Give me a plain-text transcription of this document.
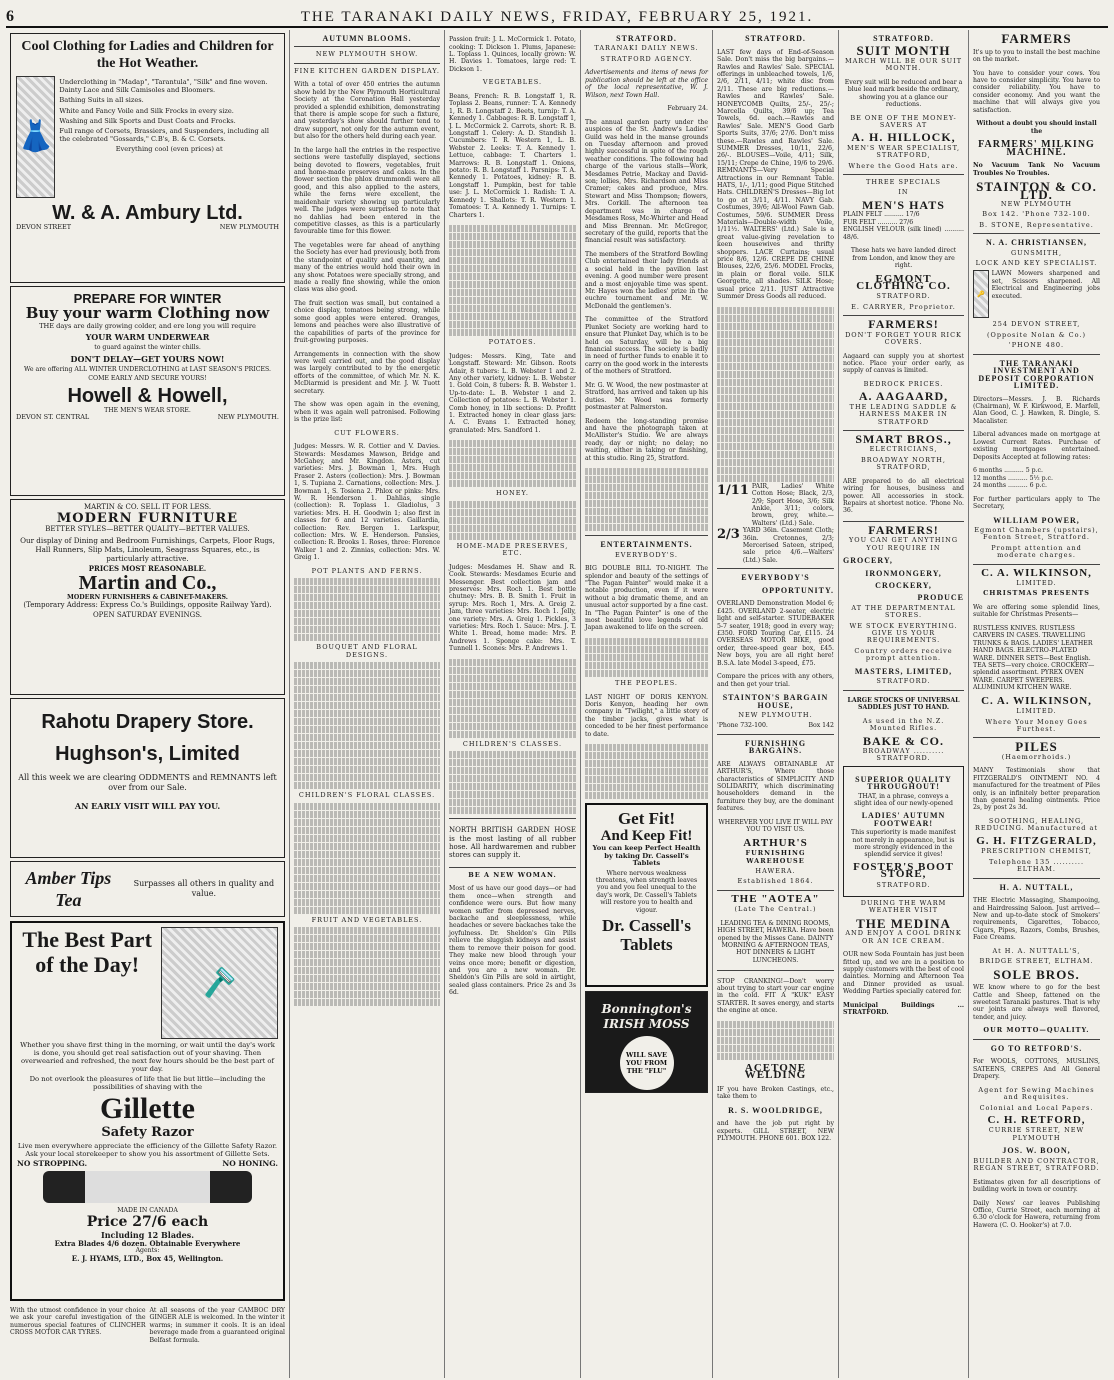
6	THE TARANAKI DAILY NEWS, FRIDAY, FEBRUARY 25, 1921.
Cool Clothing for Ladies and Children for the Hot Weather.
👗

Underclothing in "Madap", "Tarantula", "Silk" and fine woven. Dainty Lace and Silk Camisoles and Bloomers.

Bathing Suits in all sizes.

White and Fancy Voile and Silk Frocks in every size.

Washing and Silk Sports and Dust Coats and Frocks.

Full range of Corsets, Brassiers, and Suspenders, including all the celebrated "Gossards," C.B's, B. & C. Corsets.

Everything cool (even prices) at

W. & A. Ambury Ltd.
DEVON STREET	NEW PLYMOUTH
PREPARE FOR WINTER
Buy your warm Clothing now

THE days are daily growing colder, and ere long you will require

YOUR WARM UNDERWEAR

to guard against the winter chills.

DON'T DELAY—GET YOURS NOW!

We are offering ALL WINTER UNDERCLOTHING at LAST SEASON'S PRICES.

COME EARLY AND SECURE YOURS!

Howell & Howell,
THE MEN'S WEAR STORE.
DEVON ST. CENTRAL	NEW PLYMOUTH.
MARTIN & CO. SELL IT FOR LESS.
MODERN FURNITURE
BETTER STYLES—BETTER QUALITY—BETTER VALUES.

Our display of Dining and Bedroom Furnishings, Carpets, Floor Rugs, Hall Runners, Slip Mats, Linoleum, Seagrass Squares, etc., is particularly attractive.

PRICES MOST REASONABLE.
Martin and Co.,
MODERN FURNISHERS & CABINET-MAKERS.
(Temporary Address: Express Co.'s Buildings, opposite Railway Yard).
OPEN SATURDAY EVENINGS.
Rahotu Drapery Store.
Hughson's, Limited

All this week we are clearing ODDMENTS and REMNANTS left over from our Sale.

AN EARLY VISIT WILL PAY YOU.

Amber Tips Tea
Surpasses all others in quality and value.
The Best Part of the Day!
🪒

Whether you shave first thing in the morning, or wait until the day's work is done, you should get real satisfaction out of your shaving. Then overwearied and refreshed, the next few hours should be the best part of your day.

Do not overlook the pleasures of life that lie but little—including the possibilities of shaving with the

Gillette
Safety Razor

Live men everywhere appreciate the efficiency of the Gillette Safety Razor. Ask your local storekeeper to show you his assortment of Gillette Sets.

NO STROPPING.	NO HONING.
MADE IN CANADA
Price 27/6 each
Including 12 Blades.
Extra Blades 4/6 dozen. Obtainable Everywhere
Agents:
E. J. HYAMS, LTD., Box 45, Wellington.

With the utmost confidence in your choice we ask your careful investigation of the numerous special features of CLINCHER CROSS MOTOR CAR TYRES.

At all seasons of the year CAMBOC DRY GINGER ALE is welcomed. In the winter it warms; in summer it cools. It is an ideal beverage made from a guaranteed original Belfast formula.

AUTUMN BLOOMS.
NEW PLYMOUTH SHOW.
FINE KITCHEN GARDEN DISPLAY.

With a total of over 450 entries the autumn show held by the New Plymouth Horticultural Society at the Coronation Hall yesterday provided a splendid exhibition, demonstrating that there is ample scope for such a fixture, and yesterday's show should further tend to draw support, not only for the autumn event, but also for the others held during each year.

In the large hall the entries in the respective sections were tastefully displayed, sections being devoted to flowers, vegetables, fruit and home-made preserves and cakes. In the flower section the phlox drummondi were all good, and this also applied to the asters, while the ferns were excellent, the maidenhair variety showing up particularly well. The judges were surprised to note that no dahlias had been entered in the competitive classes, as this is a particularly favourable time for this flower.

The vegetables were far ahead of anything the Society has ever had previously, both from the standpoint of quality and quantity, and many of the entries would hold their own in any show. Potatoes were specially strong, and made a really fine showing, while the onion class was also good.

The fruit section was small, but contained a choice display, tomatoes being strong, while some good apples were entered. Oranges, lemons and peaches were also illustrative of the capabilities of parts of the province for fruit-growing purposes.

Arrangements in connection with the show were well carried out, and the good display was largely contributed to by the energetic efforts of the committee, of which Mr. N. K. McDiarmid is president and Mr. J. W. Tuott secretary.

The show was open again in the evening, when it was again well patronised. Following is the prize list:

CUT FLOWERS.

Judges: Messrs. W. R. Cottier and V. Davies. Stewards: Mesdames Mawson, Bridge and McGahey, and Mr. Kingdon. Asters, cut varieties: Mrs. J. Bowman 1, Mrs. Hugh Fraser 2. Asters (collection): Mrs. J. Bowman 1, S. Tupiana 2. Carnations, collection: Mrs. J. Bowman 1, S. Tosiena 2. Phlox or pinks: Mrs. W. R. Henderson 1. Dahlias, single (collection): R. Toplass 1. Gladiolus, 3 varieties: Mrs. H. H. Goodwin 1; also first in classes for 6 and 12 varieties. Gaillardia, collection: Rev. Bergen 1. Larkspur, collection: Mrs. W. E. Henderson. Pansies, collection: R. Brooks 1. Roses, three: Florence Walker 1 and 2. Zinnias, collection: Mrs. W. Greig 1.

POT PLANTS AND FERNS.
BOUQUET AND FLORAL DESIGNS.
CHILDREN'S FLORAL CLASSES.
FRUIT AND VEGETABLES.

Passion fruit: J. L. McCormick 1. Potato, cooking: T. Dickson 1. Plums, Japanese: L. Toplass 1. Quinces, locally grown: W. H. Davies 1. Tomatoes, large red: T. Dickson 1.

VEGETABLES.

Beans, French: R. B. Longstaff 1, R. Toplass 2. Beans, runner: T. A. Kennedy 1, R. B. Longstaff 2. Beets, turnip: T. A. Kennedy 1. Cabbages: R. B. Longstaff 1, J. L. McCormick 2. Carrots, short: R. B. Longstaff 1. Celery: A. D. Standish 1. Cucumbers: T. R. Western 1, L. B. Webster 2. Leeks: T. A. Kennedy 1. Lettuce, cabbage: T. Charters 1. Marrows: R. B. Longstaff 1. Onions, potato: R. B. Longstaff 1. Parsnips: T. A. Kennedy 1. Potatoes, kidney: R. B. Longstaff 1. Pumpkin, best for table use: J. L. McCormick 1. Radish: T. A. Kennedy 1. Shallots: T. R. Western 1. Tomatoes: T. A. Kennedy 1. Turnips: T. Charters 1.

POTATOES.

Judges: Messrs. King, Tate and Longstaff. Steward: Mr. Gibson. Roots Adair, 8 tubers: L. B. Webster 1 and 2. Any other variety, kidney: L. B. Webster 1. Gold Coin, 8 tubers: R. B. Webster 1. Up-to-date: L. B. Webster 1 and 2. Collection of potatoes: L. B. Webster 1. Comb honey, in 1lb sections: D. Profitt 1. Extracted honey in clear glass jars: A. C. Evans 1. Extracted honey, granulated: Mrs. Sandford 1.

HONEY.
HOME-MADE PRESERVES, ETC.

Judges: Mesdames H. Shaw and R. Cook. Stewards: Mesdames Ecurie and Messenger. Best collection jam and preserves: Mrs. Roch 1. Best bottle chutney: Mrs. B. B. Smith 1. Fruit in syrup: Mrs. Roch 1, Mrs. A. Greig 2. Jam, three varieties: Mrs. Roch 1. Jelly, one variety: Mrs. A. Greig 1. Pickles, 3 varieties: Mrs. Roch 1. Sauce: Mrs. J. T. White 1. Bread, home made: Mrs. P. Andrews 1. Sponge cake: Mrs. T. Tunnell 1. Scones: Mrs. P. Andrews 1.

CHILDREN'S CLASSES.

NORTH BRITISH GARDEN HOSE is the most lasting of all rubber hose. All hardwaremen and rubber stores can supply it.

BE A NEW WOMAN.

Most of us have our good days—or had them once—when strength and confidence were ours. But how many women suffer from depressed nerves, backache and sleeplessness, while headaches or severe backaches take the joyfulness. Dr. Sheldon's Gin Pills relieve the sluggish kidneys and assist them to remove their poison for good. They make new blood through your veins once more; benefit or digestion, and you are a new woman. Dr. Sheldon's Gin Pills are sold in airtight, sealed glass containers. Price 2s and 3s 6d.

STRATFORD.
TARANAKI DAILY NEWS.
STRATFORD AGENCY.

Advertisements and items of news for publication should be left at the office of the local representative, W. J. Wilson, next Town Hall.

February 24.

The annual garden party under the auspices of the St. Andrew's Ladies' Guild was held in the manse grounds on Tuesday afternoon and proved highly successful in spite of the rough weather conditions. The following had charge of the various stalls—Work, Mesdames Petrie, Mackay and David-son; lollies, Mrs. Richardson and Miss Cramer; cakes and produce, Mrs. Stewart and Miss Thompson; flowers, Mrs. Corkill. The afternoon tea department was in charge of Mesdames Ross, Mc-Whirter and Head and Miss Brennan. Mr. McGregor, secretary of the guild, reports that the financial result was satisfactory.

The members of the Stratford Bowling Club entertained their lady friends at a social held in the pavilion last evening. A good number were present and a most enjoyable time was spent. Mr. Hayes won the ladies' prize in the euchre tournament and Mr. W. McDonald the gentlemen's.

The committee of the Stratford Plunket Society are working hard to ensure that Plunket Day, which is to be held on Saturday, will be a big financial success. The society is badly in need of further funds to enable it to carry on the good work in the interests of the mothers of Stratford.

Mr. G. W. Wood, the new postmaster at Stratford, has arrived and taken up his duties. Mr. Wood was formerly postmaster at Palmerston.

Redeem the long-standing promise and have the photograph taken at McAllister's Studio. We are always ready, day or night; no delay; no waiting, either in taking or finishing, at this studio. Ring 25, Stratford.

ENTERTAINMENTS.
EVERYBODY'S.

BIG DOUBLE BILL TO-NIGHT. The splendor and beauty of the settings of "The Pagan Painter" would make it a notable production, even if it were without a big dramatic theme, and an unusual actor supported by a fine cast. In "The Pagan Painter" is one of the most beautiful love legends of old Japan awakened to life on the screen.

THE PEOPLES.

LAST NIGHT OF DORIS KENYON. Doris Kenyon, heading her own company in "Twilight," a little story of the timber jacks, gives what is conceded to be her finest performance to date.

Get Fit!
And Keep Fit!
You can keep Perfect Health by taking Dr. Cassell's Tablets

Where nervous weakness threatens, when strength leaves you and you feel unequal to the day's work, Dr. Cassell's Tablets will restore you to health and vigour.

Dr. Cassell's
Tablets
Bonnington's IRISH MOSS
WILL SAVE YOU FROM THE "FLU"
STRATFORD.

LAST few days of End-of-Season Sale. Don't miss the big bargains.—Rawles and Rawles' Sale. SPECIAL offerings in unbleached towels, 1/6, 2/6, 2/11, 4/11; white disc from 2/11. These are big reductions.—Rawles and Rawles' Sale. HONEYCOMB Quilts, 25/-, 25/-; Marcella Quilts, 39/6 up; Tea Towels, 6d. each.—Rawles and Rawles' Sale. MEN'S Good Garb Sports Suits, 37/6; 27/6. Don't miss these.—Rawles and Rawles' Sale. SUMMER Dresses, 10/11, 22/6, 26/-. BLOUSES—Voile, 4/11; Silk, 15/11; Crepe de Chine, 19/6 to 29/6. REMNANTS—Very Special Attractions in our Remnant Table. HATS, 1/-, 1/11; good Pique Stitched Hats. CHILDREN'S Dresses—Big lot to go at 3/11, 4/11. NAVY Gab. Costumes, 39/6; All-Wool Fawn Gab. Costumes, 59/6. SUMMER Dress Materials—Double-width Voile, 1/11½. WALTERS' (Ltd.) Sale is a great value-giving revelation to keen housewives and thrifty shoppers. LACE Curtains; usual price 8/6, 12/6. CREPE DE CHINE Blouses, 22/6, 25/6. MODEL Frocks, in plain or floral voile. SILK Georgette, all shades. SILK Hose; usual price 2/11. JUST Attractive Summer Dress Goods all reduced.

1/11 PAIR, Ladies' White Cotton Hose; Black, 2/3, 2/9; Sport Hose, 3/6; Silk Ankle, 3/11; colors, brown, grey, white.—Walters' (Ltd.) Sale.
2/3 YARD 36in. Casement Cloth; 36in. Cretonnes, 2/3; Mercerised Sateen, striped, sale price 4/6.—Walters' (Ltd.) Sale.
EVERYBODY'S
OPPORTUNITY.

OVERLAND Demonstration Model 6; £425. OVERLAND 2-seater, electric light and self-starter. STUDEBAKER 5-7 seater, 1918; good in every way; £350. FORD Touring Car, £115. 24 OVERSEAS MOTOR BIKE, good order, three-speed gear box, £45. New boys, you are all right here! B.S.A. late Model 3-speed, £75.

Compare the prices with any others, and then get your trial.

STAINTON'S BARGAIN HOUSE,
NEW PLYMOUTH.
'Phone 732-100.	Box 142
FURNISHING BARGAINS.

ARE ALWAYS OBTAINABLE AT ARTHUR'S, Where those characteristics of SIMPLICITY AND SOLIDARITY, which discriminating householders demand in the furniture they buy, are the dominant features.

WHEREVER YOU LIVE IT WILL PAY YOU TO VISIT US.

ARTHUR'S
FURNISHING WAREHOUSE
HAWERA.
Established 1864.
THE "AOTEA"
(Late The Central.)

LEADING TEA & DINING ROOMS, HIGH STREET, HAWERA. Have been opened by the Misses Cane. DAINTY MORNING & AFTERNOON TEAS, HOT DINNERS & LIGHT LUNCHEONS.

STOP CRANKING!—Don't worry about trying to start your car engine in the cold. FIT A "KUK" EASY STARTER. It saves energy, and starts the engine at once.

ACETONE WELDING

IF you have Broken Castings, etc., take them to

R. S. WOOLDRIDGE,

and have the job put right by experts. GILL STREET, NEW PLYMOUTH. PHONE 601. BOX 122.

STRATFORD.
SUIT MONTH
MARCH WILL BE OUR SUIT MONTH.

Every suit will be reduced and bear a blue lead mark beside the ordinary, showing you at a glance our reductions.

BE ONE OF THE MONEY-SAVERS AT
A. H. HILLOCK,
MEN'S WEAR SPECIALIST, STRATFORD,
Where the Good Hats are.
THREE SPECIALS
IN
MEN'S HATS
PLAIN FELT .......... 17/6
FUR FELT .......... 27/6
ENGLISH VELOUR (silk lined) .......... 48/6.

These hats we have landed direct from London, and know they are right.

EGMONT CLOTHING CO.
STRATFORD.
E. CARRYER, Proprietor.
FARMERS!
DON'T FORGET YOUR RICK COVERS.

Aagaard can supply you at shortest notice. Place your order early, as supply of canvas is limited.

BEDROCK PRICES.
A. AAGAARD,
THE LEADING SADDLE & HARNESS MAKER IN STRATFORD
SMART BROS.,
ELECTRICIANS,
BROADWAY NORTH, STRATFORD,

ARE prepared to do all electrical wiring for houses, business and power. All accessories in stock. Repairs at shortest notice. 'Phone No. 36.

FARMERS!
YOU CAN GET ANYTHING YOU REQUIRE IN
GROCERY,
IRONMONGERY,
CROCKERY,
PRODUCE
AT THE DEPARTMENTAL STORES.
WE STOCK EVERYTHING. GIVE US YOUR REQUIREMENTS.
Country orders receive prompt attention.
MASTERS, LIMITED,
STRATFORD.

LARGE STOCKS OF UNIVERSAL SADDLES JUST TO HAND.

As used in the N.Z. Mounted Rifles.
BAKE & CO.
BROADWAY .......... STRATFORD.
SUPERIOR QUALITY THROUGHOUT!

THAT, in a phrase, conveys a slight idea of our newly-opened

LADIES' AUTUMN FOOTWEAR!

This superiority is made manifest not merely in appearance, but is more strongly evidenced in the splendid service it gives!

FOSTER'S BOOT STORE,
STRATFORD.
DURING THE WARM WEATHER VISIT
THE MEDINA
AND ENJOY A COOL DRINK OR AN ICE CREAM.

OUR new Soda Fountain has just been fitted up, and we are in a position to supply customers with the best of cool dainties. Morning and Afternoon Tea and Dinner provided as usual. Wedding Parties specially catered for.

Municipal Buildings ... STRATFORD.
FARMERS

It's up to you to install the best machine on the market.

You have to consider your cows. You have to consider simplicity. You have to consider reliability. You have to consider economy. And you want the machine that will always give you satisfaction.

Without a doubt you should install the

FARMERS' MILKING MACHINE.

No Vacuum Tank No Vacuum Troubles No Troubles.

STAINTON & CO. LTD.
NEW PLYMOUTH
Box 142. 'Phone 732-100.
B. STONE, Representative.
N. A. CHRISTIANSEN,
GUNSMITH,
LOCK AND KEY SPECIALIST.
🔑

LAWN Mowers sharpened and set, Scissors sharpened. All Electrical and Engineering jobs executed.

254 DEVON STREET,
(Opposite Nolan & Co.)
'PHONE 480.
THE TARANAKI INVESTMENT AND DEPOSIT CORPORATION LIMITED.

Directors—Messrs. J. B. Richards (Chairman), W. F. Kirkwood, E. Marfell, Alan Good, C. J. Hawken, R. Dingle, S. Macalister.

Liberal advances made on mortgage at Lowest Current Rates. Purchase of existing mortgages entertained. Deposits Accepted at following rates:

6 months .......... 5 p.c.
12 months .......... 5½ p.c.
24 months .......... 6 p.c.

For further particulars apply to The Secretary,

WILLIAM POWER,
Egmont Chambers (upstairs), Fenton Street, Stratford.
Prompt attention and moderate charges.
C. A. WILKINSON,
LIMITED.
CHRISTMAS PRESENTS

We are offering some splendid lines, suitable for Christmas Presents—

RUSTLESS KNIVES. RUSTLESS CARVERS IN CASES. TRAVELLING TRUNKS & BAGS. LADIES' LEATHER HAND BAGS. ELECTRO-PLATED WARE. DINNER SETS—Best English. TEA SETS—very choice. CROCKERY—splendid assortment. PYREX OVEN WARE. CARPET SWEEPERS. ALUMINIUM KITCHEN WARE.

C. A. WILKINSON,
LIMITED.
Where Your Money Goes Furthest.
PILES
(Haemorrhoids.)

MANY Testimonials show that FITZGERALD'S OINTMENT NO. 4 manufactured for the treatment of Piles only, is an infinitely better preparation than general healing ointments. Price 2s, by post 2s 3d.

SOOTHING, HEALING, REDUCING. Manufactured at
G. H. FITZGERALD,
PRESCRIPTION CHEMIST,
Telephone 135 .......... ELTHAM.
H. A. NUTTALL,

THE Electric Massaging, Shampooing, and Hairdressing Saloon. Just arrived—New and up-to-date stock of Smokers' requirements, Cigarettes, Tobacco, Cigars, Pipes, Razors, Combs, Brushes, Face Creams.

At H. A. NUTTALL'S,
BRIDGE STREET, ELTHAM.
SOLE BROS.

WE know where to go for the best Cattle and Sheep, fattened on the sweetest Taranaki pastures. That is why our joints are always well flavored, tender, and juicy.

OUR MOTTO—QUALITY.
GO TO RETFORD'S.

For WOOLS, COTTONS, MUSLINS, SATEENS, CREPES And All General Drapery.

Agent for Sewing Machines and Requisites.
Colonial and Local Papers.
C. H. RETFORD,
CURRIE STREET, NEW PLYMOUTH
JOS. W. BOON,
BUILDER AND CONTRACTOR, REGAN STREET, STRATFORD.

Estimates given for all descriptions of building work in town or country.

Daily News' car leaves Publishing Office, Currie Street, each morning at 6.30 o'clock for Hawera, returning from Hawera (C. O. Hooker's) at 7.0.
